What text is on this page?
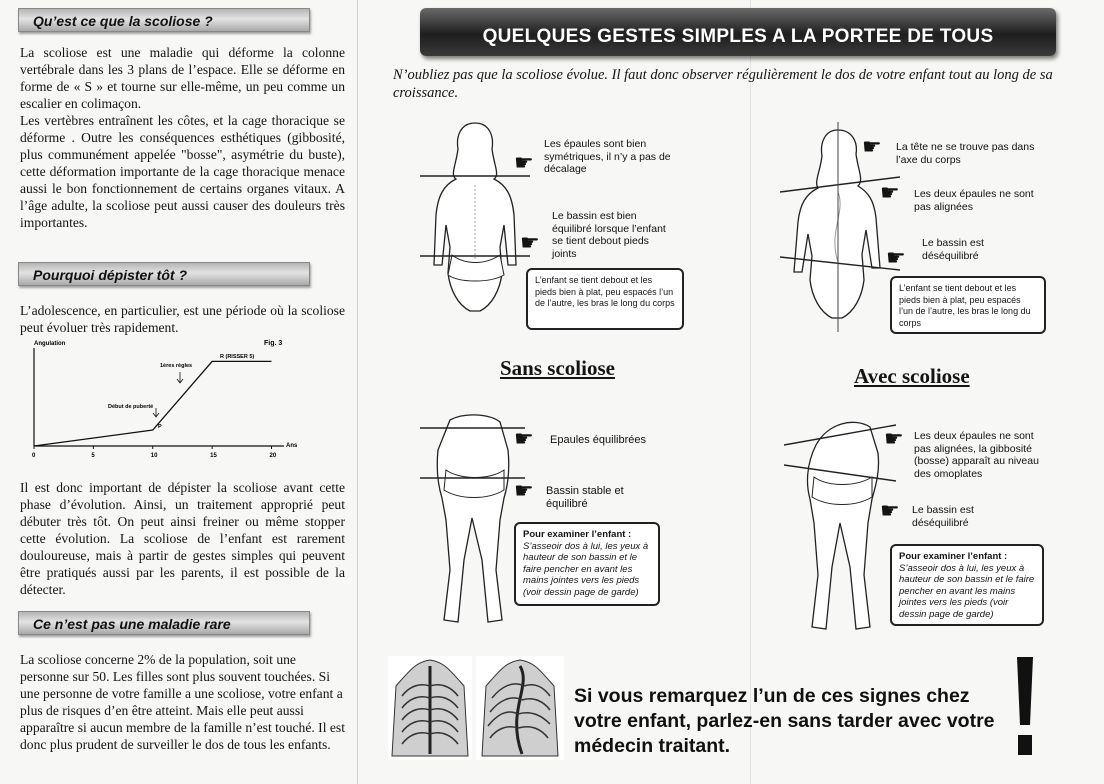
Qu’est ce que la scoliose ?

La scoliose est une maladie qui déforme la colonne vertébrale dans les 3 plans de l’espace. Elle se déforme en forme de « S » et tourne sur elle-même, un peu comme un escalier en colimaçon.

Les vertèbres entraînent les côtes, et la cage thoracique se déforme . Outre les conséquences esthétiques (gibbosité, plus communément appelée "bosse", asymétrie du buste), cette déformation importante de la cage thoracique menace aussi le bon fonctionnement de certains organes vitaux. A l’âge adulte, la scoliose peut aussi causer des douleurs très importantes.

Pourquoi dépister tôt ?

L’adolescence, en particulier, est une période où la scoliose peut évoluer très rapidement.

Angulation	Fig. 3
Ans
0	5	10	15	20
Début de puberté
1ères règles
R (RISSER 5)
P

Il est donc important de dépister la scoliose avant cette phase d’évolution. Ainsi, un traitement approprié peut débuter très tôt. On peut ainsi freiner ou même stopper cette évolution. La scoliose de l’enfant est rarement douloureuse, mais à partir de gestes simples qui peuvent être pratiqués aussi par les parents, il est possible de la détecter.

Ce n’est pas une maladie rare

La scoliose concerne 2% de la population, soit une personne sur 50. Les filles sont plus souvent touchées. Si une personne de votre famille a une scoliose, votre enfant a plus de risques d’en être atteint. Mais elle peut aussi apparaître si aucun membre de la famille n’est touché. Il est donc plus prudent de surveiller le dos de tous les enfants.

QUELQUES GESTES SIMPLES A LA PORTEE DE TOUS

N’oubliez pas que la scoliose évolue. Il faut donc observer régulièrement le dos de votre enfant tout au long de sa croissance.

☛
Les épaules sont bien symétriques, il n’y a pas de décalage
☛
Le bassin est bien équilibré lorsque l’enfant se tient debout pieds joints
L’enfant se tient debout et les pieds bien à plat, peu espacés l’un de l’autre, les bras le long du corps
☛ La tête ne se trouve pas dans l’axe du corps
☛ Les deux épaules ne sont pas alignées
☛
Le bassin est déséquilibré
L’enfant se tient debout et les pieds bien à plat, peu espacés l’un de l’autre, les bras le long du corps
Sans scoliose	Avec scoliose
☛ Epaules équilibrées
☛ Bassin stable et équilibré
Pour examiner l’enfant :
S’asseoir dos à lui, les yeux à hauteur de son bassin et le faire pencher en avant les mains jointes vers les pieds (voir dessin page de garde)
☛ Les deux épaules ne sont pas alignées, la gibbosité (bosse) apparaît au niveau des omoplates
☛ Le bassin est déséquilibré
Pour examiner l’enfant :
S’asseoir dos à lui, les yeux à hauteur de son bassin et le faire pencher en avant les mains jointes vers les pieds (voir dessin page de garde)
Si vous remarquez l’un de ces signes chez votre enfant, parlez-en sans tarder avec votre médecin traitant.
